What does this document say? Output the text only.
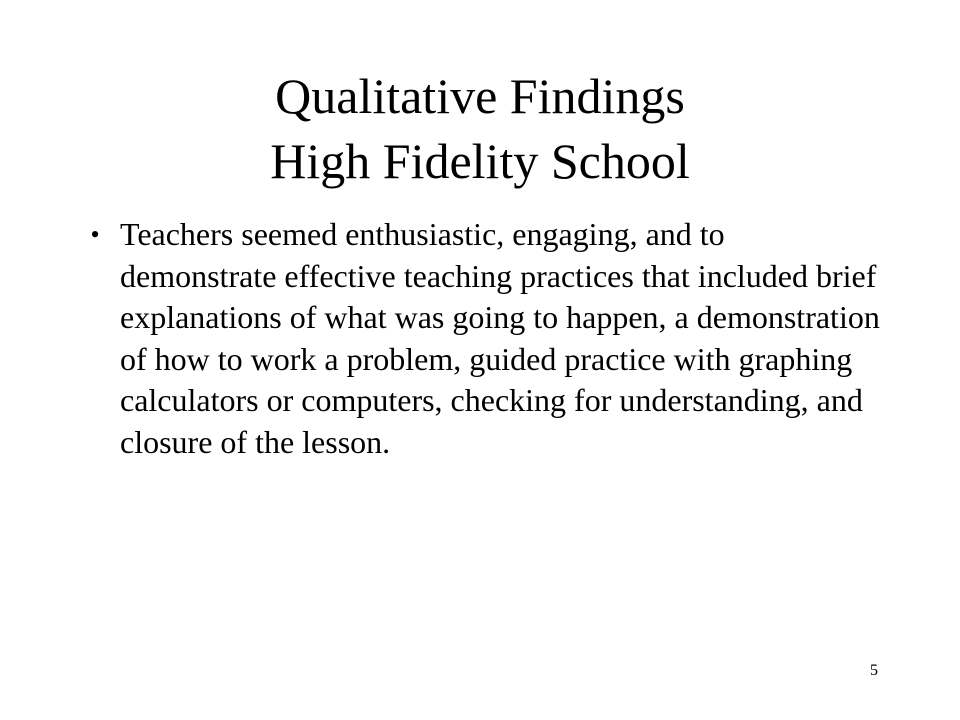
Qualitative Findings
High Fidelity School
• Teachers seemed enthusiastic, engaging, and to demonstrate effective teaching practices that included brief explanations of what was going to happen, a demonstration of how to work a problem, guided practice with graphing calculators or computers, checking for understanding, and closure of the lesson.
5
